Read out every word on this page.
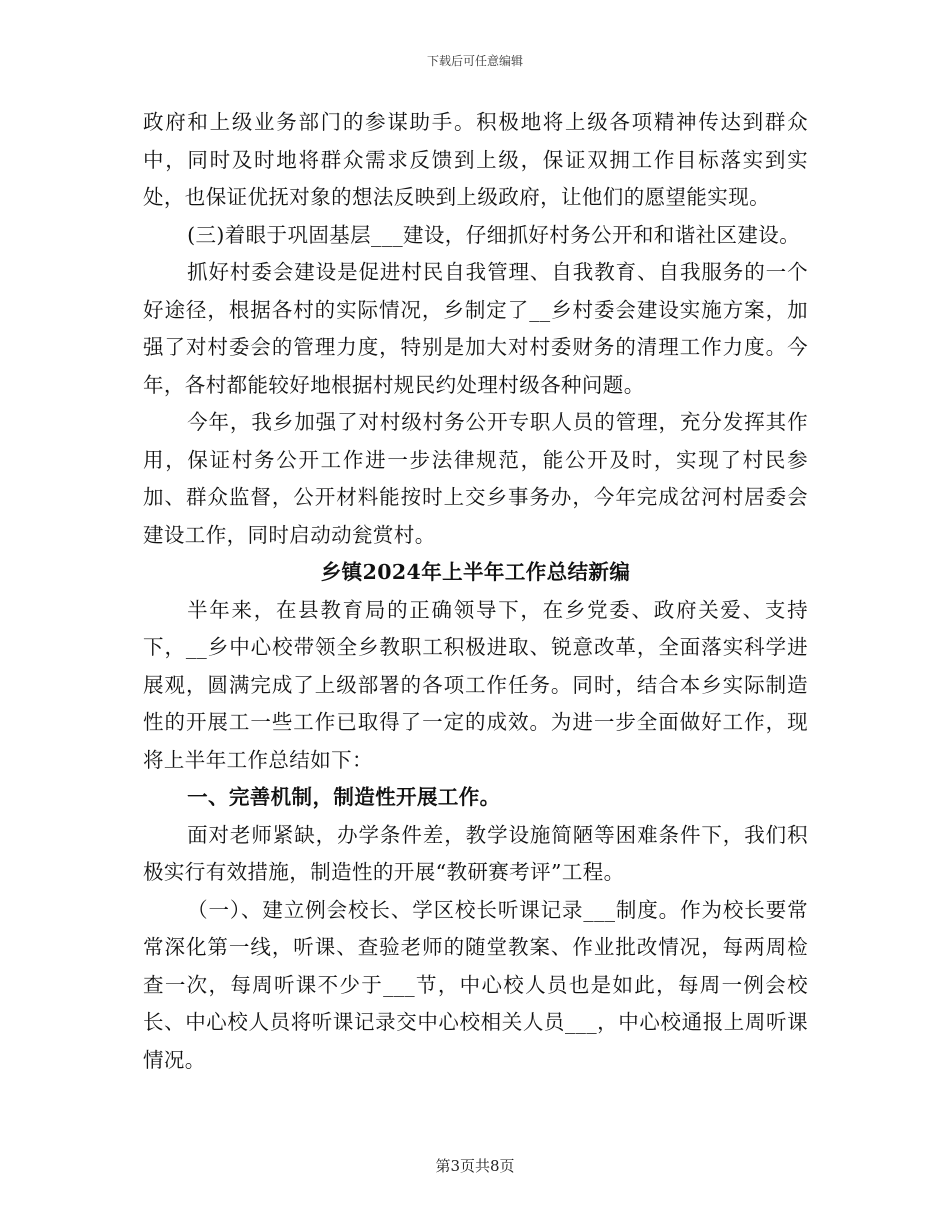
下载后可任意编辑

政府和上级业务部门的参谋助手。积极地将上级各项精神传达到群众中，同时及时地将群众需求反馈到上级，保证双拥工作目标落实到实处，也保证优抚对象的想法反映到上级政府，让他们的愿望能实现。

(三)着眼于巩固基层___建设，仔细抓好村务公开和和谐社区建设。

抓好村委会建设是促进村民自我管理、自我教育、自我服务的一个好途径，根据各村的实际情况，乡制定了__乡村委会建设实施方案，加强了对村委会的管理力度，特别是加大对村委财务的清理工作力度。今年，各村都能较好地根据村规民约处理村级各种问题。

今年，我乡加强了对村级村务公开专职人员的管理，充分发挥其作用，保证村务公开工作进一步法律规范，能公开及时，实现了村民参加、群众监督，公开材料能按时上交乡事务办，今年完成岔河村居委会建设工作，同时启动动瓮赏村。

乡镇2024年上半年工作总结新编

半年来，在县教育局的正确领导下，在乡党委、政府关爱、支持下，__乡中心校带领全乡教职工积极进取、锐意改革，全面落实科学进展观，圆满完成了上级部署的各项工作任务。同时，结合本乡实际制造性的开展工一些工作已取得了一定的成效。为进一步全面做好工作，现将上半年工作总结如下：

一、完善机制，制造性开展工作。

面对老师紧缺，办学条件差，教学设施简陋等困难条件下，我们积极实行有效措施，制造性的开展“教研赛考评”工程。

（一）、建立例会校长、学区校长听课记录___制度。作为校长要常常深化第一线，听课、查验老师的随堂教案、作业批改情况，每两周检查一次，每周听课不少于___节，中心校人员也是如此，每周一例会校长、中心校人员将听课记录交中心校相关人员___，中心校通报上周听课情况。

第3页共8页
